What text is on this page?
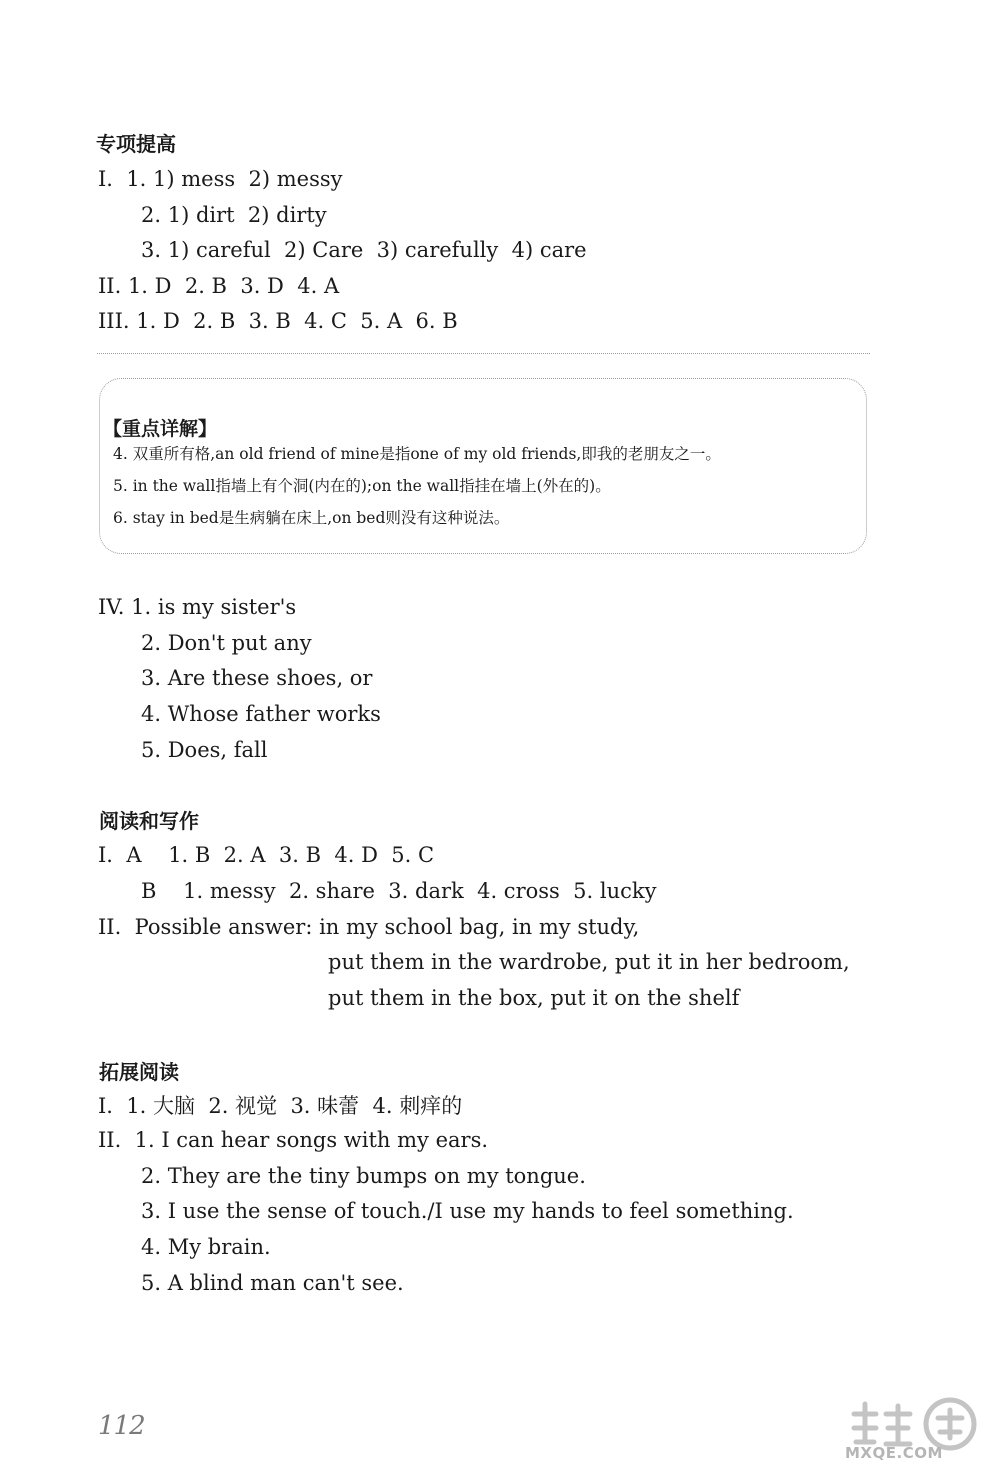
专项提高
I.  1. 1) mess  2) messy
2. 1) dirt  2) dirty
3. 1) careful  2) Care  3) carefully  4) care
II. 1. D  2. B  3. D  4. A
III. 1. D  2. B  3. B  4. C  5. A  6. B
【重点详解】
4. 双重所有格,an old friend of mine是指one of my old friends,即我的老朋友之一。
5. in the wall指墙上有个洞(内在的);on the wall指挂在墙上(外在的)。
6. stay in bed是生病躺在床上,on bed则没有这种说法。
IV. 1. is my sister's
2. Don't put any
3. Are these shoes, or
4. Whose father works
5. Does, fall
阅读和写作
I.  A    1. B  2. A  3. B  4. D  5. C
B    1. messy  2. share  3. dark  4. cross  5. lucky
II.  Possible answer: in my school bag, in my study,
put them in the wardrobe, put it in her bedroom,
put them in the box, put it on the shelf
拓展阅读
I.  1. 大脑  2. 视觉  3. 味蕾  4. 刺痒的
II.  1. I can hear songs with my ears.
2. They are the tiny bumps on my tongue.
3. I use the sense of touch./I use my hands to feel something.
4. My brain.
5. A blind man can't see.
112
MXQE.COM
